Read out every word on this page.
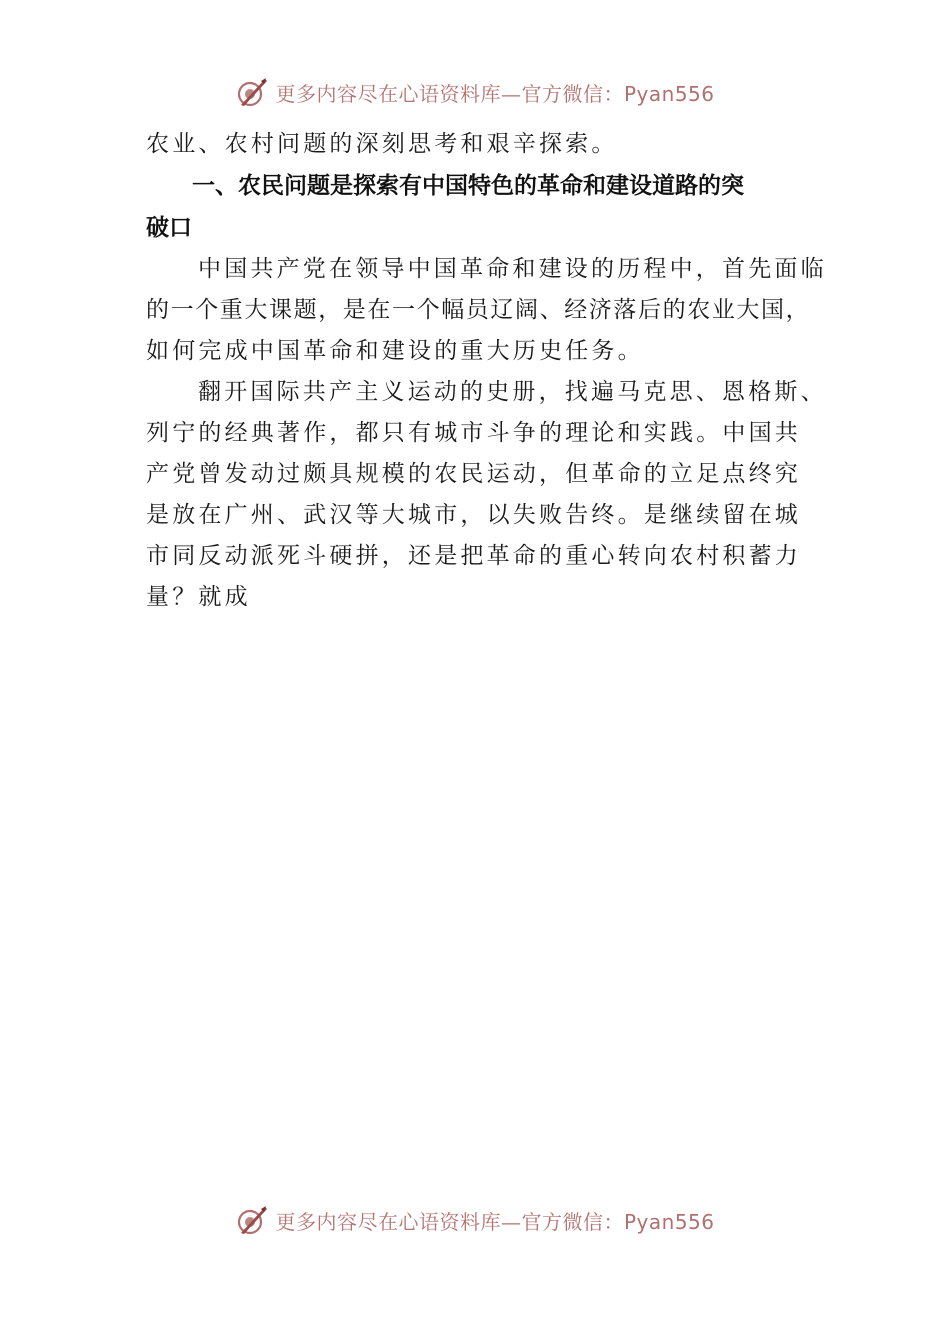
更多内容尽在心语资料库—官方微信：Pyan556
农业、农村问题的深刻思考和艰辛探索。
一、农民问题是探索有中国特色的革命和建设道路的突
破口
中国共产党在领导中国革命和建设的历程中，首先面临
的一个重大课题，是在一个幅员辽阔、经济落后的农业大国，
如何完成中国革命和建设的重大历史任务。
翻开国际共产主义运动的史册，找遍马克思、恩格斯、
列宁的经典著作，都只有城市斗争的理论和实践。中国共
产党曾发动过颇具规模的农民运动，但革命的立足点终究
是放在广州、武汉等大城市，以失败告终。是继续留在城
市同反动派死斗硬拼，还是把革命的重心转向农村积蓄力
量？就成
更多内容尽在心语资料库—官方微信：Pyan556
